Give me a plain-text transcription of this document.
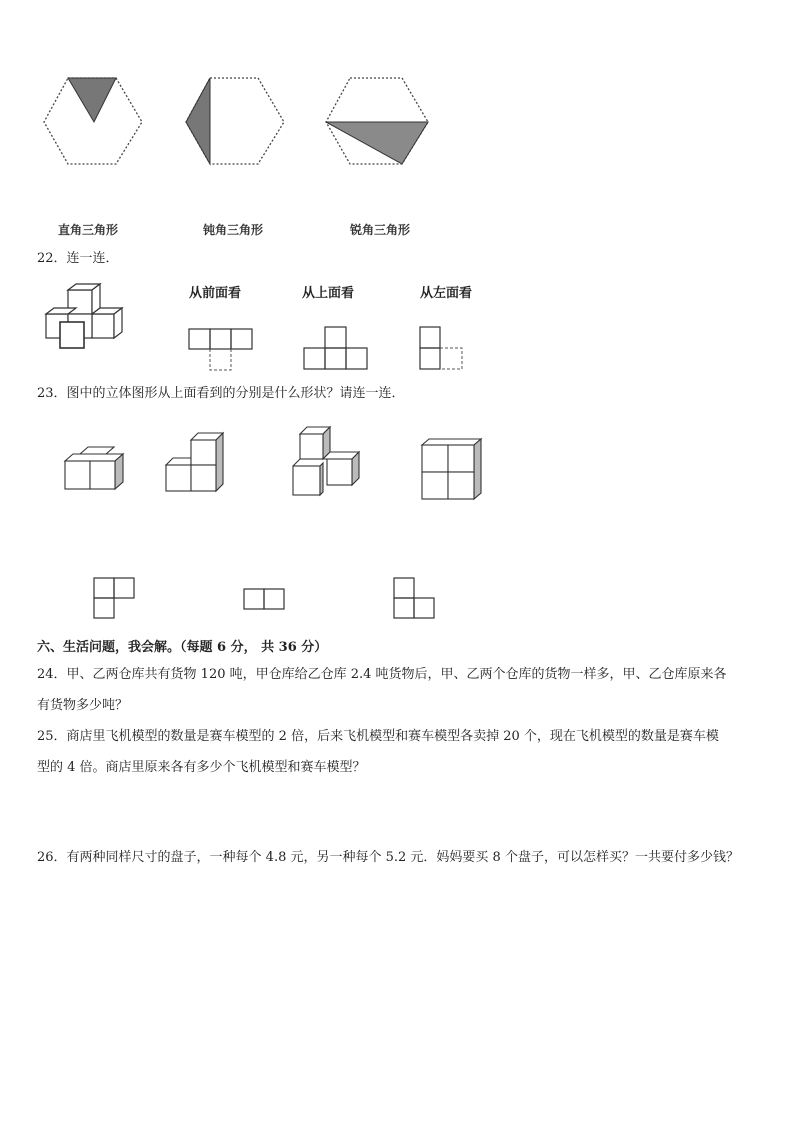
直角三角形	钝角三角形	锐角三角形
22．连一连．
从前面看	从上面看	从左面看
23．图中的立体图形从上面看到的分别是什么形状？请连一连．
六、生活问题，我会解。（每题 6 分， 共 36 分）
24．甲、乙两仓库共有货物 120 吨，甲仓库给乙仓库 2.4 吨货物后，甲、乙两个仓库的货物一样多，甲、乙仓库原来各
有货物多少吨？
25．商店里飞机模型的数量是赛车模型的 2 倍，后来飞机模型和赛车模型各卖掉 20 个，现在飞机模型的数量是赛车模
型的 4 倍。商店里原来各有多少个飞机模型和赛车模型？
26．有两种同样尺寸的盘子，一种每个 4.8 元，另一种每个 5.2 元．妈妈要买 8 个盘子，可以怎样买？一共要付多少钱？
